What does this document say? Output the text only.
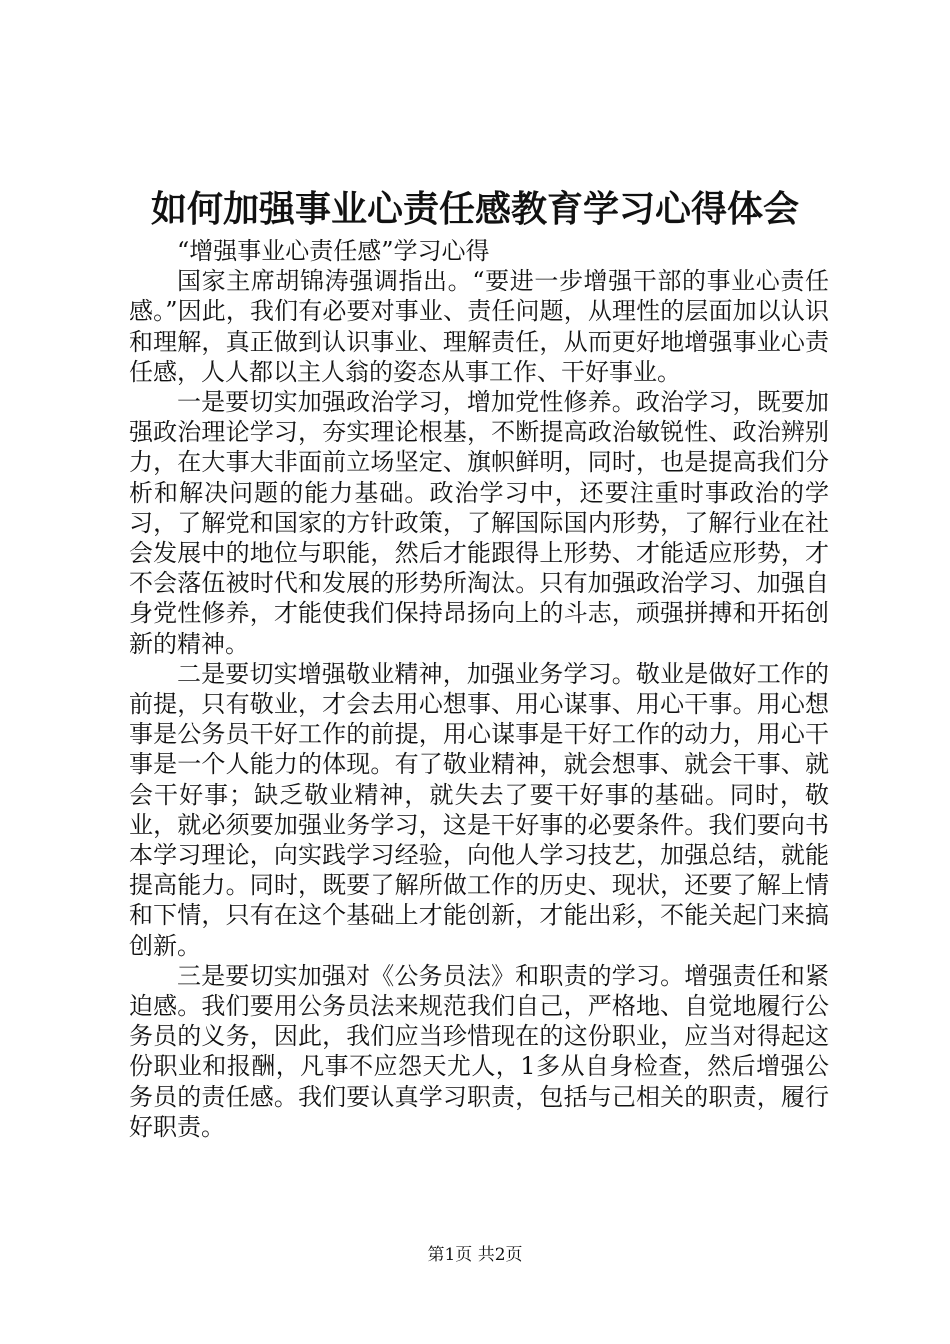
如何加强事业心责任感教育学习心得体会

“增强事业心责任感”学习心得

国家主席胡锦涛强调指出。“要进一步增强干部的事业心责任感。”因此，我们有必要对事业、责任问题，从理性的层面加以认识和理解，真正做到认识事业、理解责任，从而更好地增强事业心责任感，人人都以主人翁的姿态从事工作、干好事业。

一是要切实加强政治学习，增加党性修养。政治学习，既要加强政治理论学习，夯实理论根基，不断提高政治敏锐性、政治辨别力，在大事大非面前立场坚定、旗帜鲜明，同时，也是提高我们分析和解决问题的能力基础。政治学习中，还要注重时事政治的学习，了解党和国家的方针政策，了解国际国内形势，了解行业在社会发展中的地位与职能，然后才能跟得上形势、才能适应形势，才不会落伍被时代和发展的形势所淘汰。只有加强政治学习、加强自身党性修养，才能使我们保持昂扬向上的斗志，顽强拼搏和开拓创新的精神。

二是要切实增强敬业精神，加强业务学习。敬业是做好工作的前提，只有敬业，才会去用心想事、用心谋事、用心干事。用心想事是公务员干好工作的前提，用心谋事是干好工作的动力，用心干事是一个人能力的体现。有了敬业精神，就会想事、就会干事、就会干好事；缺乏敬业精神，就失去了要干好事的基础。同时，敬业，就必须要加强业务学习，这是干好事的必要条件。我们要向书本学习理论，向实践学习经验，向他人学习技艺，加强总结，就能提高能力。同时，既要了解所做工作的历史、现状，还要了解上情和下情，只有在这个基础上才能创新，才能出彩，不能关起门来搞创新。

三是要切实加强对《公务员法》和职责的学习。增强责任和紧迫感。我们要用公务员法来规范我们自己，严格地、自觉地履行公务员的义务，因此，我们应当珍惜现在的这份职业，应当对得起这份职业和报酬，凡事不应怨天尤人，1多从自身检查，然后增强公务员的责任感。我们要认真学习职责，包括与己相关的职责，履行好职责。

第1页 共2页
